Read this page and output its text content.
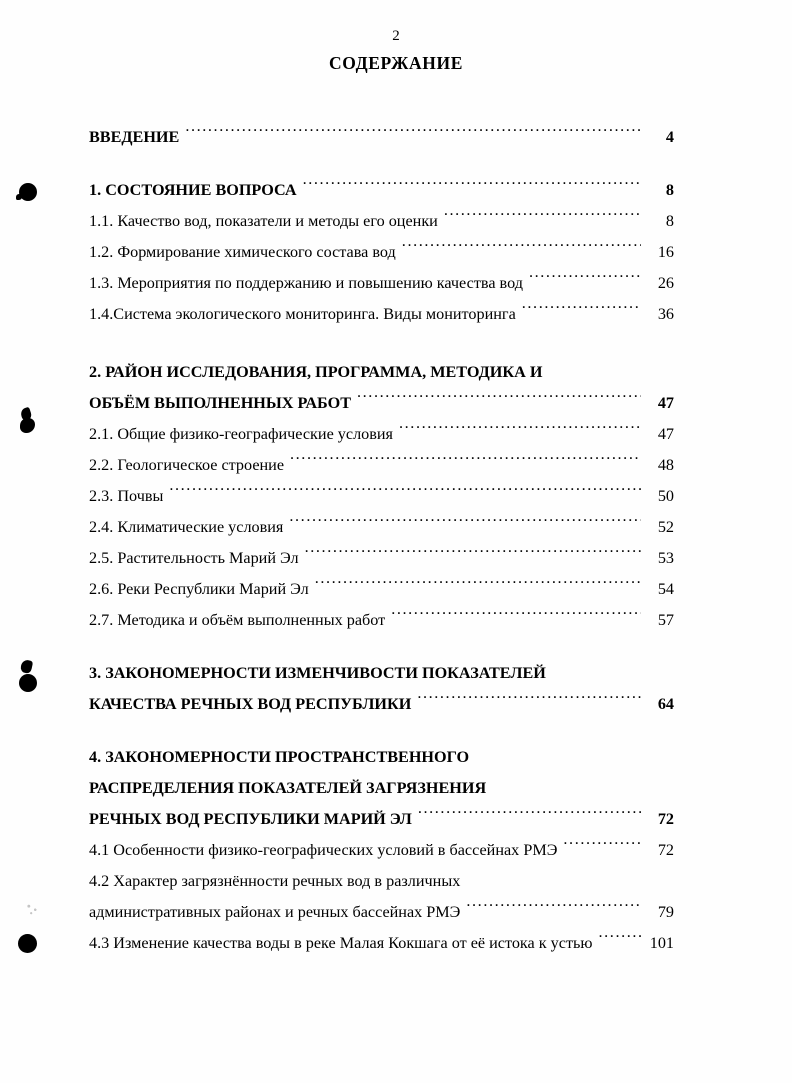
2
СОДЕРЖАНИЕ
ВВЕДЕНИЕ .....	4
1. СОСТОЯНИЕ ВОПРОСА .....	8
1.1. Качество вод, показатели и методы его оценки .....	8
1.2. Формирование химического состава вод .....	16
1.3. Мероприятия по поддержанию и повышению качества вод .....	26
1.4.Система экологического мониторинга. Виды мониторинга .....	36
2. РАЙОН ИССЛЕДОВАНИЯ, ПРОГРАММА, МЕТОДИКА И
ОБЪЁМ ВЫПОЛНЕННЫХ РАБОТ .....	47
2.1. Общие физико-географические условия .....	47
2.2. Геологическое строение .....	48
2.3. Почвы .....	50
2.4. Климатические условия .....	52
2.5. Растительность Марий Эл .....	53
2.6. Реки Республики Марий Эл .....	54
2.7. Методика и объём выполненных работ .....	57
3. ЗАКОНОМЕРНОСТИ ИЗМЕНЧИВОСТИ ПОКАЗАТЕЛЕЙ
КАЧЕСТВА РЕЧНЫХ ВОД РЕСПУБЛИКИ .....	64
4. ЗАКОНОМЕРНОСТИ ПРОСТРАНСТВЕННОГО
РАСПРЕДЕЛЕНИЯ ПОКАЗАТЕЛЕЙ ЗАГРЯЗНЕНИЯ
РЕЧНЫХ ВОД РЕСПУБЛИКИ МАРИЙ ЭЛ .....	72
4.1 Особенности физико-географических условий в бассейнах РМЭ .....	72
4.2 Характер загрязнённости речных вод в различных
административных районах и речных бассейнах РМЭ .....	79
4.3 Изменение качества воды в реке Малая Кокшага от её истока к устью .....	101
